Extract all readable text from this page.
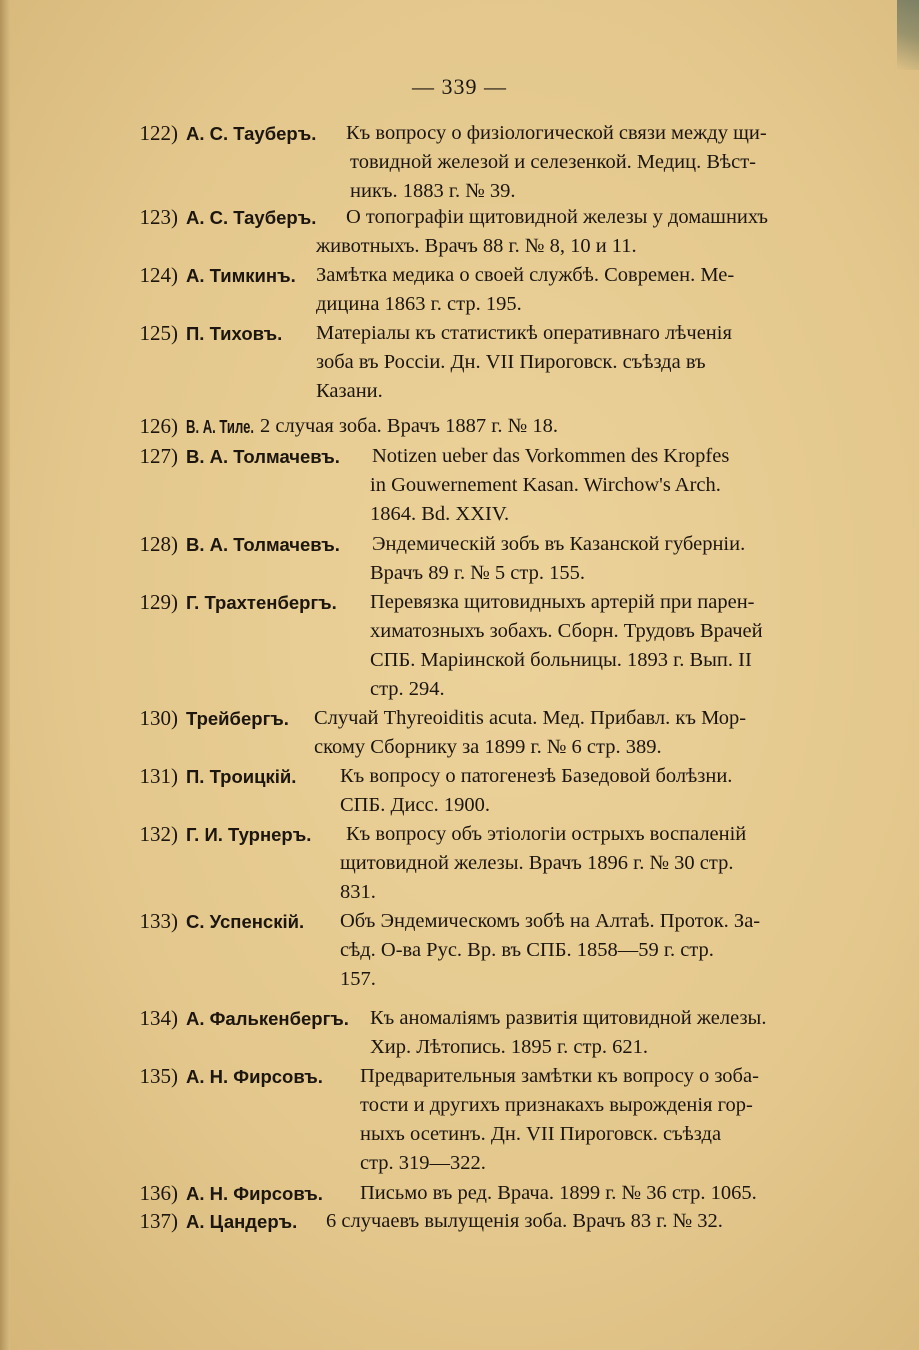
— 339 —
122) А. С. Тауберъ. Къ вопросу о физіологической связи между щи-
товидной железой и селезенкой. Медиц. Вѣст-
никъ. 1883 г. № 39.
123) А. С. Тауберъ. О топографіи щитовидной железы у домашнихъ
животныхъ. Врачъ 88 г. № 8, 10 и 11.
124) А. Тимкинъ. Замѣтка медика о своей службѣ. Современ. Ме-
дицина 1863 г. стр. 195.
125) П. Тиховъ. Матеріалы къ статистикѣ оперативнаго лѣченія
зоба въ Россіи. Дн. VII Пироговск. съѣзда въ
Казани.
126) В. А. Тиле. 2 случая зоба. Врачъ 1887 г. № 18.
127) В. А. Толмачевъ. Notizen ueber das Vorkommen des Kropfes
in Gouwernement Kasan. Wirchow's Arch.
1864. Bd. XXIV.
128) В. А. Толмачевъ. Эндемическій зобъ въ Казанской губерніи.
Врачъ 89 г. № 5 стр. 155.
129) Г. Трахтенбергъ. Перевязка щитовидныхъ артерій при парен-
химатозныхъ зобахъ. Сборн. Трудовъ Врачей
СПБ. Маріинской больницы. 1893 г. Вып. II
стр. 294.
130) Трейбергъ. Случай Thyreoiditis acuta. Мед. Прибавл. къ Мор-
скому Сборнику за 1899 г. № 6 стр. 389.
131) П. Троицкій. Къ вопросу о патогенезѣ Базедовой болѣзни.
СПБ. Дисс. 1900.
132) Г. И. Турнеръ. Къ вопросу объ этіологіи острыхъ воспаленій
щитовидной железы. Врачъ 1896 г. № 30 стр.
831.
133) С. Успенскій. Объ Эндемическомъ зобѣ на Алтаѣ. Проток. За-
сѣд. О-ва Рус. Вр. въ СПБ. 1858—59 г. стр.
157.
134) А. Фалькенбергъ. Къ аномаліямъ развитія щитовидной железы.
Хир. Лѣтопись. 1895 г. стр. 621.
135) А. Н. Фирсовъ. Предварительныя замѣтки къ вопросу о зоба-
тости и другихъ признакахъ вырожденія гор-
ныхъ осетинъ. Дн. VII Пироговск. съѣзда
стр. 319—322.
136) А. Н. Фирсовъ. Письмо въ ред. Врача. 1899 г. № 36 стр. 1065.
137) А. Цандеръ. 6 случаевъ вылущенія зоба. Врачъ 83 г. № 32.
